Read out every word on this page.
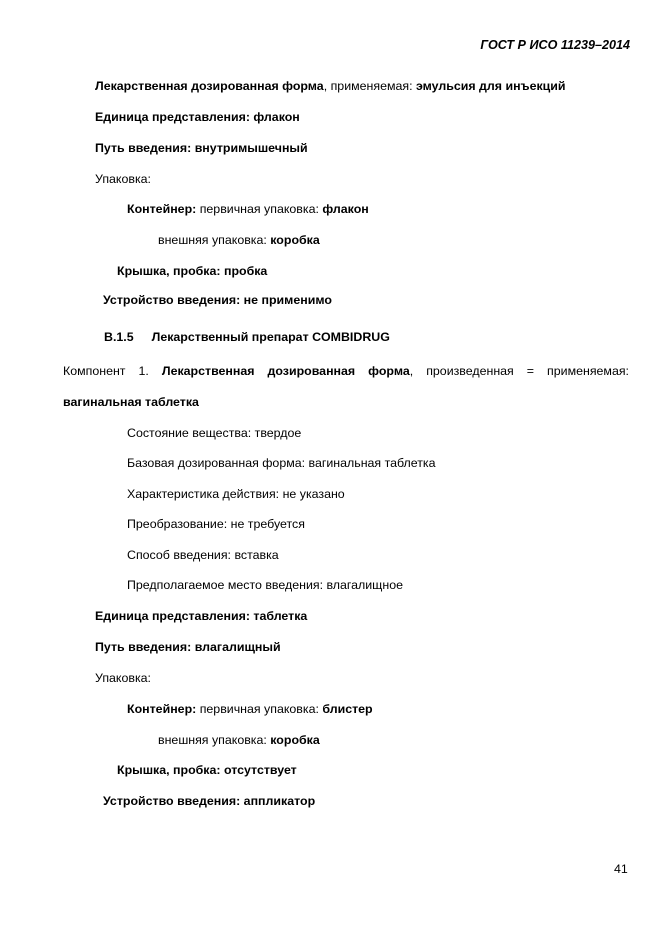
ГОСТ Р ИСО 11239–2014
Лекарственная дозированная форма, применяемая: эмульсия для инъекций
Единица представления: флакон
Путь введения: внутримышечный
Упаковка:
Контейнер: первичная упаковка: флакон
внешняя упаковка: коробка
Крышка, пробка: пробка
Устройство введения: не применимо
В.1.5 Лекарственный препарат COMBIDRUG
Компонент 1. Лекарственная дозированная форма, произведенная = применяемая:
вагинальная таблетка
Состояние вещества: твердое
Базовая дозированная форма: вагинальная таблетка
Характеристика действия: не указано
Преобразование: не требуется
Способ введения: вставка
Предполагаемое место введения: влагалищное
Единица представления: таблетка
Путь введения: влагалищный
Упаковка:
Контейнер: первичная упаковка: блистер
внешняя упаковка: коробка
Крышка, пробка: отсутствует
Устройство введения: аппликатор
41
